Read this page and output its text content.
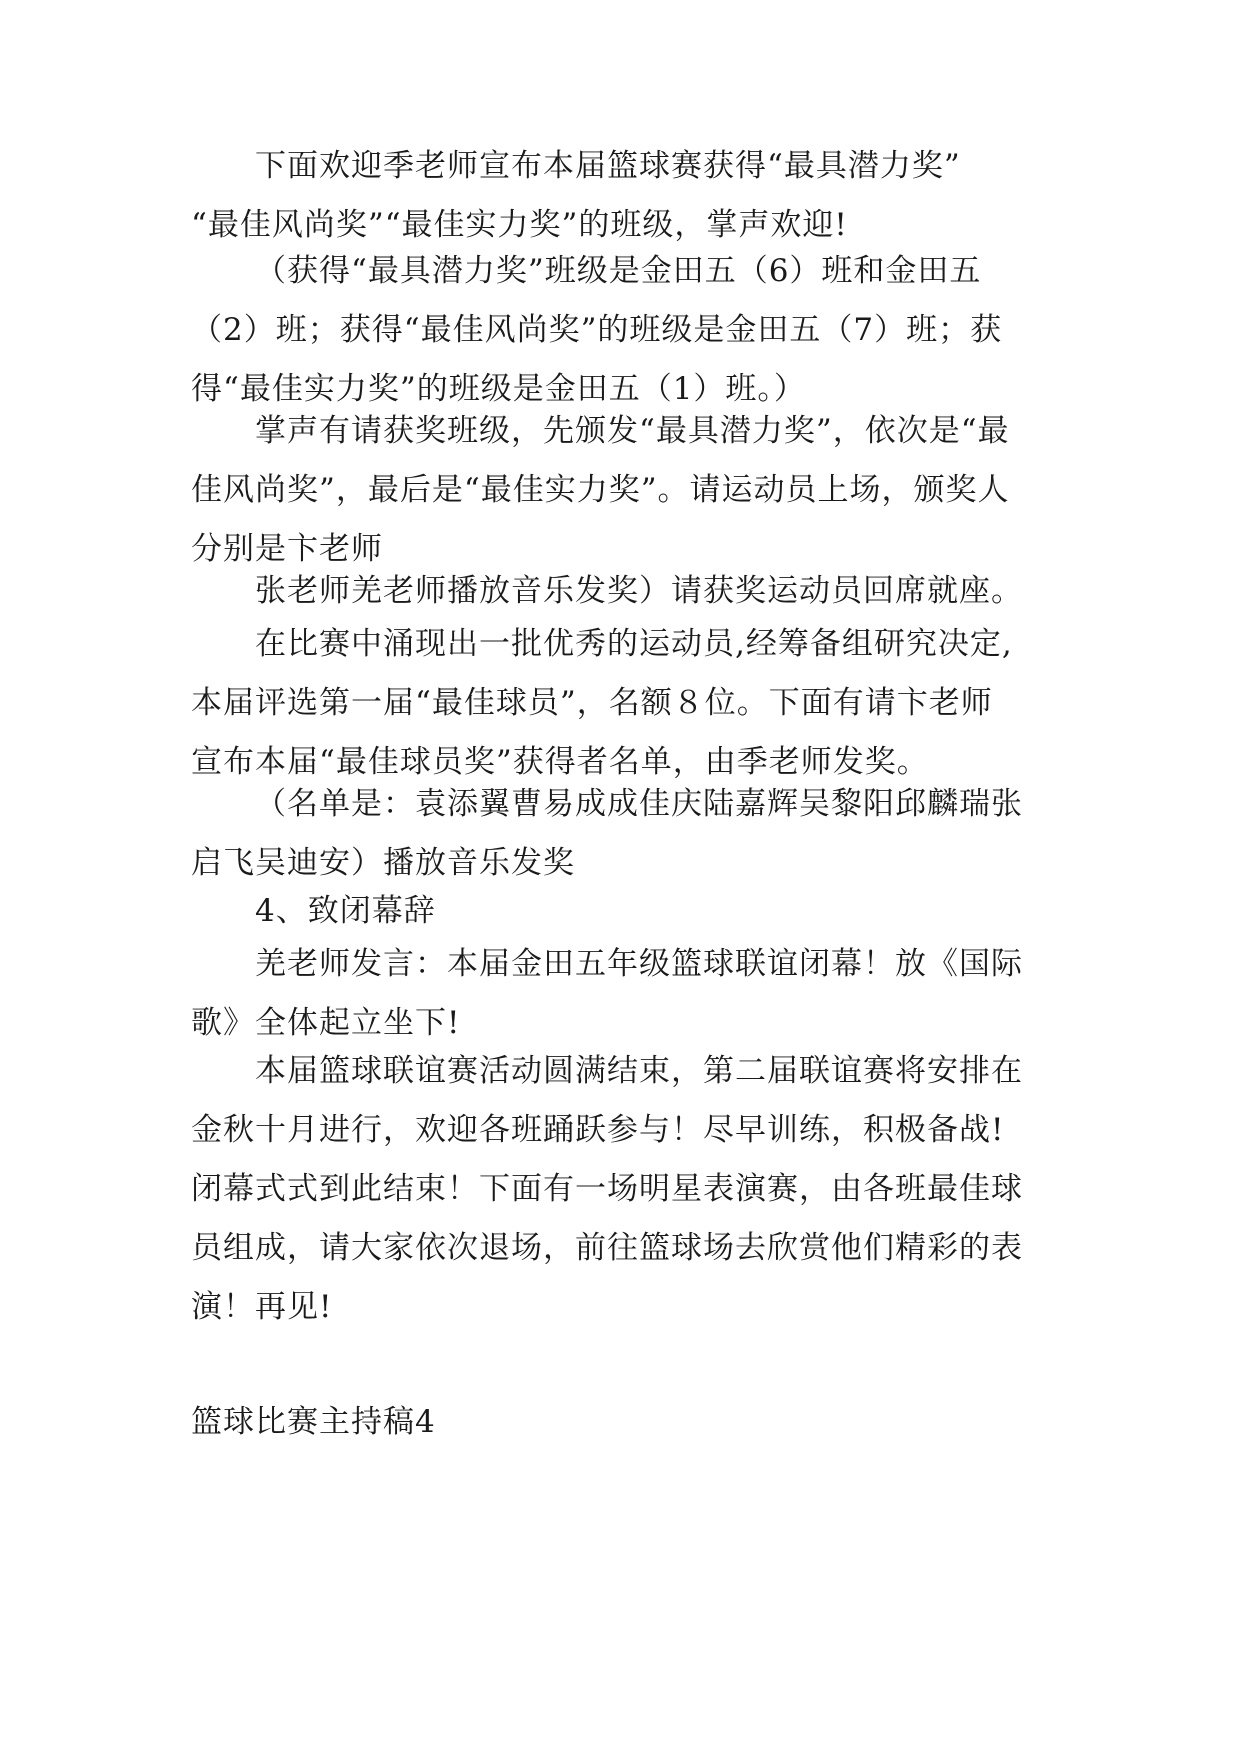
下面欢迎季老师宣布本届篮球赛获得“最具潜力奖”
“最佳风尚奖”“最佳实力奖”的班级，掌声欢迎!
（获得“最具潜力奖”班级是金田五（6）班和金田五
（2）班；获得“最佳风尚奖”的班级是金田五（7）班；获
得“最佳实力奖”的班级是金田五（1）班。）
掌声有请获奖班级，先颁发“最具潜力奖”，依次是“最
佳风尚奖”，最后是“最佳实力奖”。请运动员上场，颁奖人
分别是卞老师
张老师羌老师播放音乐发奖）请获奖运动员回席就座。
在比赛中涌现出一批优秀的运动员,经筹备组研究决定,
本届评选第一届“最佳球员”，名额８位。下面有请卞老师
宣布本届“最佳球员奖”获得者名单，由季老师发奖。
（名单是：袁添翼曹易成成佳庆陆嘉辉吴黎阳邱麟瑞张
启飞吴迪安）播放音乐发奖
4、致闭幕辞
羌老师发言：本届金田五年级篮球联谊闭幕！放《国际
歌》全体起立坐下!
本届篮球联谊赛活动圆满结束，第二届联谊赛将安排在
金秋十月进行，欢迎各班踊跃参与！尽早训练，积极备战!
闭幕式式到此结束！下面有一场明星表演赛，由各班最佳球
员组成，请大家依次退场，前往篮球场去欣赏他们精彩的表
演！再见!
篮球比赛主持稿4
